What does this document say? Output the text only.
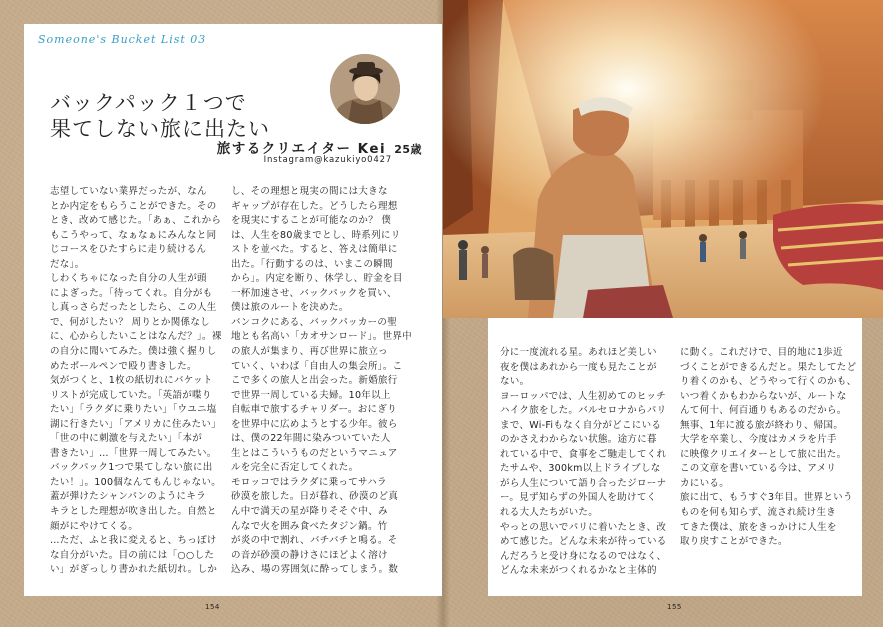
Someone's Bucket List 03
バックパック１つで
果てしない旅に出たい
旅するクリエイター Kei 25歳
Instagram@kazukiyo0427
志望していない業界だったが、なん
とか内定をもらうことができた。その
とき、改めて感じた。「あぁ、これから
もこうやって、なぁなぁにみんなと同
じコースをひたすらに走り続けるん
だな」。
しわくちゃになった自分の人生が頭
によぎった。「待ってくれ。自分がも
し真っさらだったとしたら、この人生
で、何がしたい？ 周りとか関係なし
に、心からしたいことはなんだ？」。裸
の自分に聞いてみた。僕は強く握りし
めたボールペンで殴り書きした。
気がつくと、1枚の紙切れにバケット
リストが完成していた。「英語が喋り
たい」「ラクダに乗りたい」「ウユニ塩
湖に行きたい」「アメリカに住みたい」
「世の中に刺激を与えたい」「本が
書きたい」…「世界一周してみたい。
バックパック1つで果てしない旅に出
たい！」。100個なんてもんじゃない。
蓋が弾けたシャンパンのようにキラ
キラとした理想が吹き出した。自然と
顔がにやけてくる。
…ただ、ふと我に変えると、ちっぽけ
な自分がいた。目の前には「○○した
い」がぎっしり書かれた紙切れ。しか
し、その理想と現実の間には大きな
ギャップが存在した。どうしたら理想
を現実にすることが可能なのか？ 僕
は、人生を80歳までとし、時系列にリ
ストを並べた。すると、答えは簡単に
出た。「行動するのは、いまこの瞬間
から」。内定を断り、休学し、貯金を目
一杯加速させ、バックパックを買い、
僕は旅のルートを決めた。
バンコクにある、バックパッカーの聖
地とも名高い「カオサンロード」。世界中
の旅人が集まり、再び世界に旅立っ
ていく、いわば「自由人の集会所」。こ
こで多くの旅人と出会った。新婚旅行
で世界一周している夫婦。10年以上
自転車で旅するチャリダー。おにぎり
を世界中に広めようとする少年。彼ら
は、僕の22年間に染みついていた人
生とはこういうものだというマニュア
ルを完全に否定してくれた。
モロッコではラクダに乗ってサハラ
砂漠を旅した。日が暮れ、砂漠のど真
ん中で満天の星が降りそそぐ中、み
んなで火を囲み食べたタジン鍋。竹
が炎の中で割れ、バチバチと鳴る。そ
の音が砂漠の静けさにほどよく溶け
込み、場の雰囲気に酔ってしまう。数
分に一度流れる星。あれほど美しい
夜を僕はあれから一度も見たことが
ない。
ヨーロッパでは、人生初めてのヒッチ
ハイク旅をした。バルセロナからパリ
まで、Wi-Fiもなく自分がどこにいる
のかさえわからない状態。途方に暮
れている中で、食事をご馳走してくれ
たサムや、300km以上ドライブしな
がら人生について語り合ったジローナ
ー。見ず知らずの外国人を助けてく
れる大人たちがいた。
やっとの思いでパリに着いたとき、改
めて感じた。どんな未来が待っている
んだろうと受け身になるのではなく、
どんな未来がつくれるかなと主体的
に動く。これだけで、目的地に1歩近
づくことができるんだと。果たしてたど
り着くのかも、どうやって行くのかも、
いつ着くかもわからないが、ルートな
んて何十、何百通りもあるのだから。
無事、1年に渡る旅が終わり、帰国。
大学を卒業し、今度はカメラを片手
に映像クリエイターとして旅に出た。
この文章を書いている今は、アメリ
カにいる。
旅に出て、もうすぐ3年目。世界という
ものを何も知らず、流され続け生き
てきた僕は、旅をきっかけに人生を
取り戻すことができた。
154	155
